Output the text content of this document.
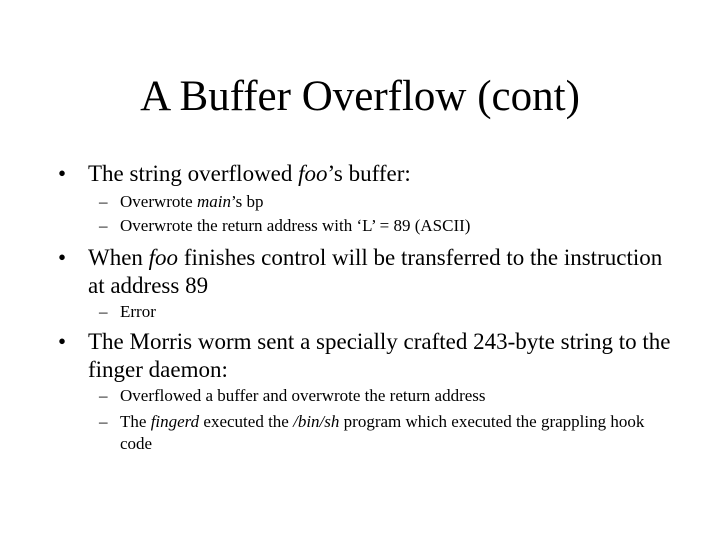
A Buffer Overflow (cont)
• The string overflowed foo’s buffer:
– Overwrote main’s bp
– Overwrote the return address with ‘L’ = 89 (ASCII)
• When foo finishes control will be transferred to the instruction at address 89
– Error
• The Morris worm sent a specially crafted 243-byte string to the finger daemon:
– Overflowed a buffer and overwrote the return address
– The fingerd executed the /bin/sh program which executed the grappling hook code
